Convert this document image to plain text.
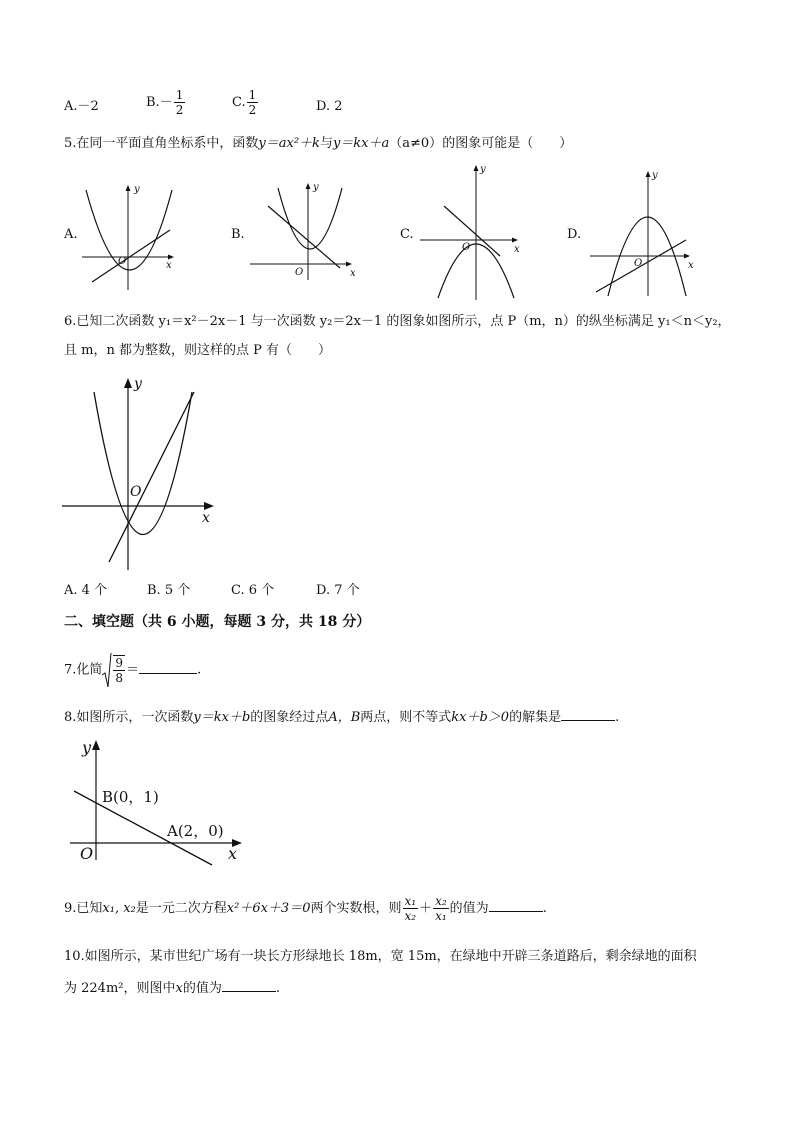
A.－2	$B.- \frac{1}{2}$	C. $\frac{1}{2}$	D. 2
5.在同一平面直角坐标系中，函数y＝ax²＋k与y＝kx＋a（a≠0）的图象可能是（　　）
A.	B.	C.	D.
y
x
O
y
x
O
y
x
O
y
x
O
6.已知二次函数 y₁＝x²－2x－1 与一次函数 y₂＝2x－1 的图象如图所示，点 P（m，n）的纵坐标满足 y₁＜n＜y₂，
且 m，n 都为整数，则这样的点 P 有（　　）
y
x
O
A. 4 个	B. 5 个	C. 6 个	D. 7 个
二、填空题（共 6 小题，每题 3 分，共 18 分）
7.化简 $\frac{9}{8}$ ＝	.
8.如图所示，一次函数y＝kx＋b的图象经过点A，B两点，则不等式kx＋b＞0的解集是	.
y
x
O
B(0，1)
A(2，0)
9.已知x₁, x₂是一元二次方程x²＋6x＋3＝0两个实数根，则 $\frac{\text{x₁}}{\text{x₂}} + \frac{\text{x₂}}{\text{x₁}}$ 的值为	.
10.如图所示，某市世纪广场有一块长方形绿地长 18m，宽 15m，在绿地中开辟三条道路后，剩余绿地的面积
为 224m²，则图中x的值为	.
